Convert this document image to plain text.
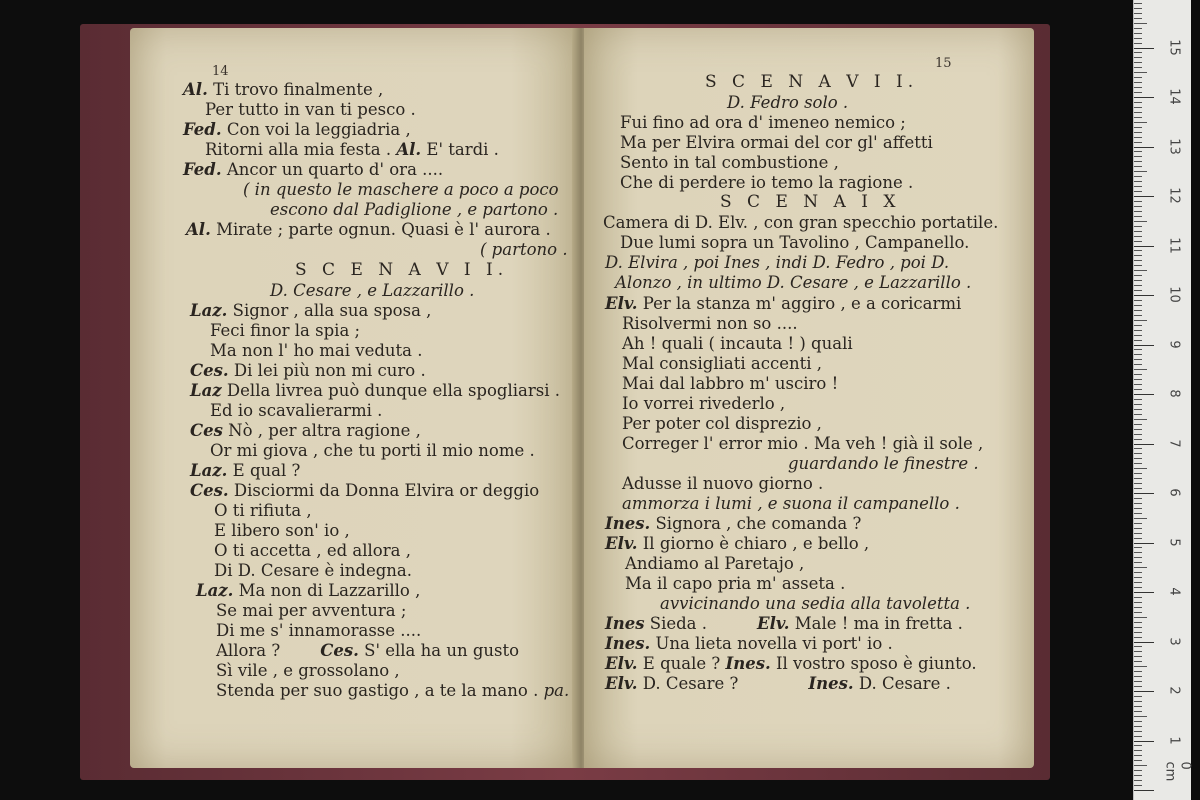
14
Al. Ti trovo finalmente ,
Per tutto in van ti pesco .
Fed. Con voi la leggiadria ,
Ritorni alla mia festa . Al. E' tardi .
Fed. Ancor un quarto d' ora ....
( in questo le maschere a poco a poco
escono dal Padiglione , e partono .
Al. Mirate ; parte ognun. Quasi è l' aurora .
( partono .
S C E N A V I I.
D. Cesare , e Lazzarillo .
Laz. Signor , alla sua sposa ,
Feci finor la spia ;
Ma non l' ho mai veduta .
Ces. Di lei più non mi curo .
Laz Della livrea può dunque ella spogliarsi .
Ed io scavalierarmi .
Ces Nò , per altra ragione ,
Or mi giova , che tu porti il mio nome .
Laz. E qual ?
Ces. Disciormi da Donna Elvira or deggio
O ti rifiuta ,
E libero son' io ,
O ti accetta , ed allora ,
Di D. Cesare è indegna.
Laz. Ma non di Lazzarillo ,
Se mai per avventura ;
Di me s' innamorasse ....
Allora ? Ces. S' ella ha un gusto
Sì vile , e grossolano ,
Stenda per suo gastigo , a te la mano . pa.
15
S C E N A V I I.
D. Fedro solo .
Fui fino ad ora d' imeneo nemico ;
Ma per Elvira ormai del cor gl' affetti
Sento in tal combustione ,
Che di perdere io temo la ragione .
S C E N A I X
Camera di D. Elv. , con gran specchio portatile.
Due lumi sopra un Tavolino , Campanello.
D. Elvira , poi Ines , indi D. Fedro , poi D.
Alonzo , in ultimo D. Cesare , e Lazzarillo .
Elv. Per la stanza m' aggiro , e a coricarmi
Risolvermi non so ....
Ah ! quali ( incauta ! ) quali
Mal consigliati accenti ,
Mai dal labbro m' usciro !
Io vorrei rivederlo ,
Per poter col disprezio ,
Correger l' error mio . Ma veh ! già il sole ,
guardando le finestre .
Adusse il nuovo giorno .
ammorza i lumi , e suona il campanello .
Ines. Signora , che comanda ?
Elv. Il giorno è chiaro , e bello ,
Andiamo al Paretajo ,
Ma il capo pria m' asseta .
avvicinando una sedia alla tavoletta .
Ines Sieda .	Elv. Male ! ma in fretta .
Ines. Una lieta novella vi port' io .
Elv. E quale ? Ines. Il vostro sposo è giunto.
Elv. D. Cesare ?	Ines. D. Cesare .
0 cm
1
2
3
4
5
6
7
8
9
10
11
12
13
14
15
